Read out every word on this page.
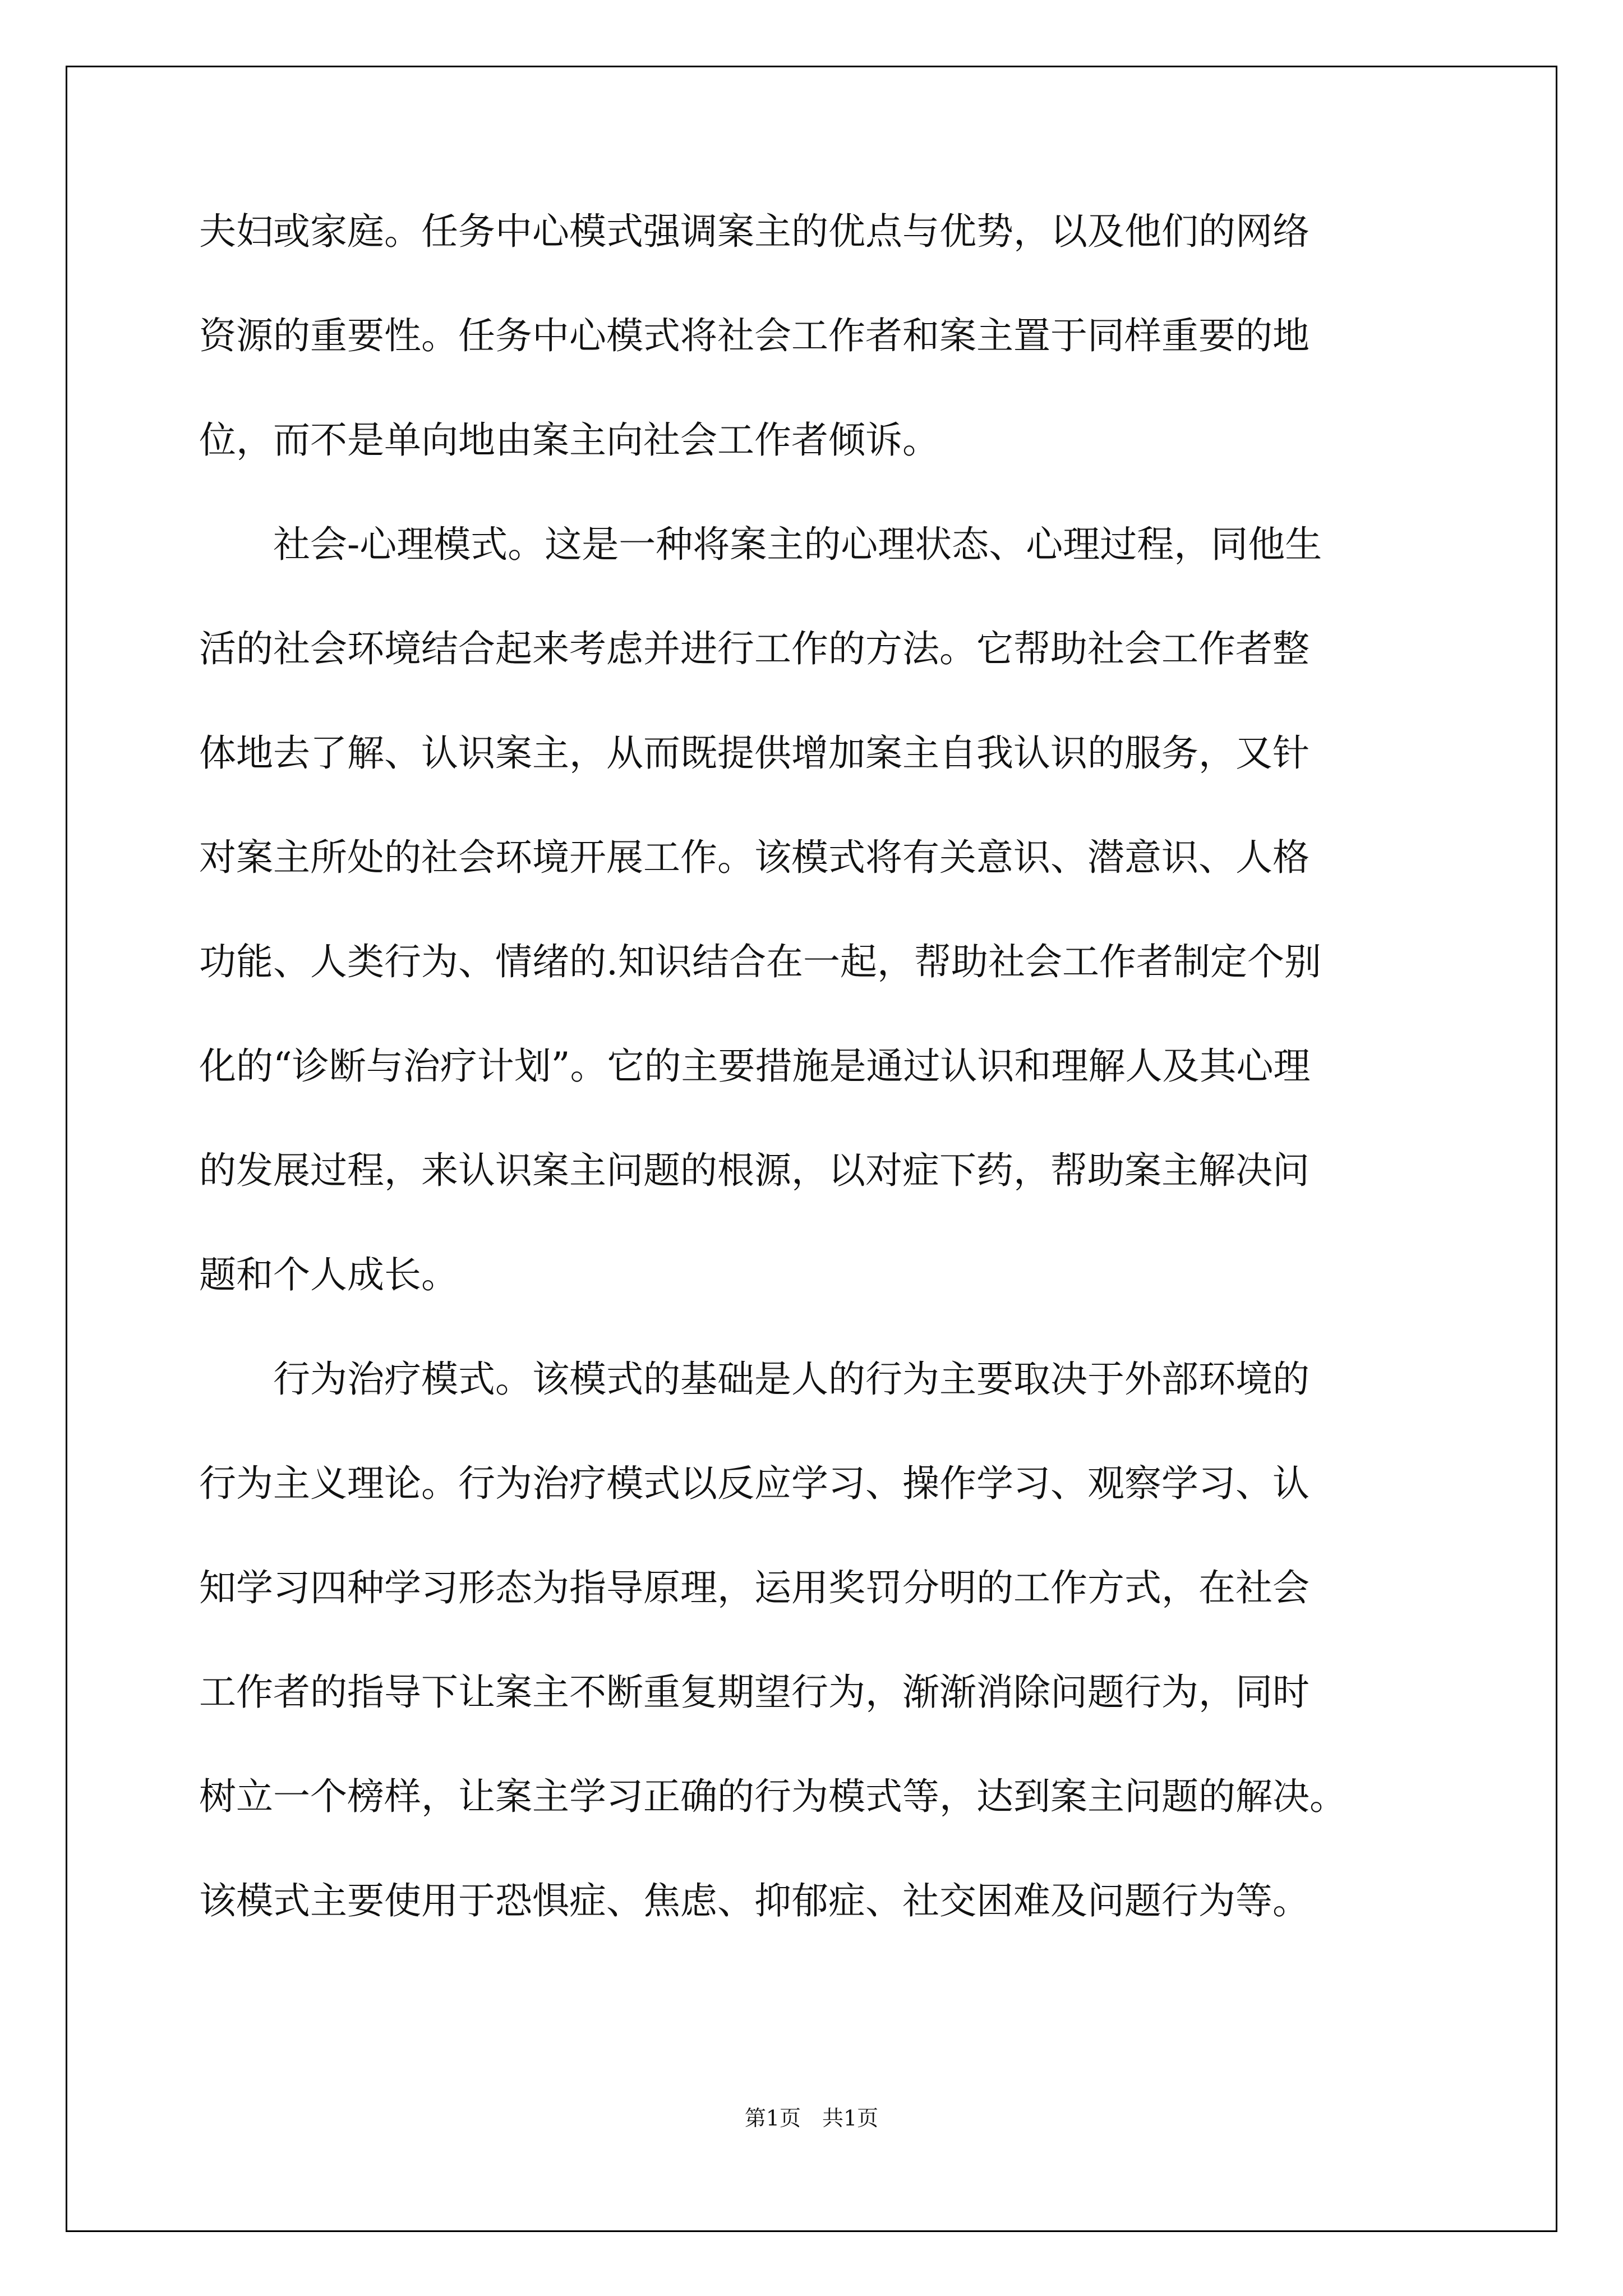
夫妇或家庭。任务中心模式强调案主的优点与优势，以及他们的网络
资源的重要性。任务中心模式将社会工作者和案主置于同样重要的地
位，而不是单向地由案主向社会工作者倾诉。
　　社会-心理模式。这是一种将案主的心理状态、心理过程，同他生
活的社会环境结合起来考虑并进行工作的方法。它帮助社会工作者整
体地去了解、认识案主，从而既提供增加案主自我认识的服务，又针
对案主所处的社会环境开展工作。该模式将有关意识、潜意识、人格
功能、人类行为、情绪的.知识结合在一起，帮助社会工作者制定个别
化的“诊断与治疗计划”。它的主要措施是通过认识和理解人及其心理
的发展过程，来认识案主问题的根源，以对症下药，帮助案主解决问
题和个人成长。
　　行为治疗模式。该模式的基础是人的行为主要取决于外部环境的
行为主义理论。行为治疗模式以反应学习、操作学习、观察学习、认
知学习四种学习形态为指导原理，运用奖罚分明的工作方式，在社会
工作者的指导下让案主不断重复期望行为，渐渐消除问题行为，同时
树立一个榜样，让案主学习正确的行为模式等，达到案主问题的解决。
该模式主要使用于恐惧症、焦虑、抑郁症、社交困难及问题行为等。
第1页　共1页
